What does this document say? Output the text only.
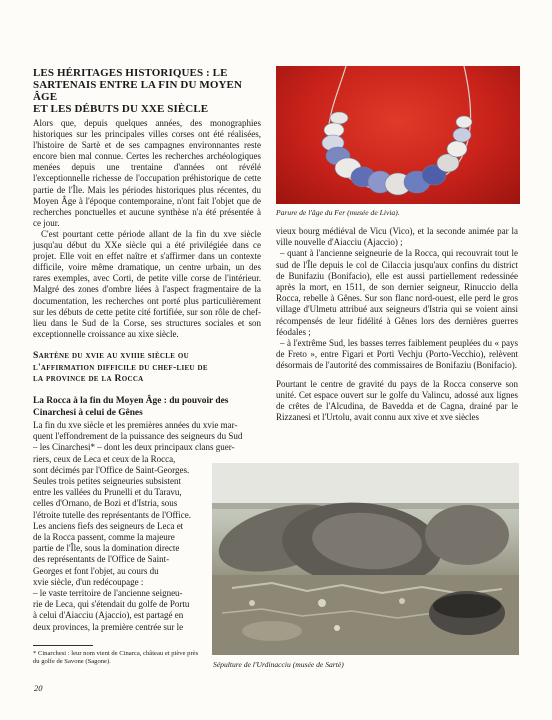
LES HÉRITAGES HISTORIQUES : LE
SARTENAIS ENTRE LA FIN DU MOYEN ÂGE
ET LES DÉBUTS DU XXE SIÈCLE

Alors que, depuis quelques années, des monographies historiques sur les principales villes corses ont été réalisées, l'histoire de Sartè et de ses campagnes environnantes reste encore bien mal connue. Certes les recherches archéologiques menées depuis une trentaine d'années ont révélé l'exceptionnelle richesse de l'occupation préhistorique de cette partie de l'Île. Mais les périodes historiques plus récentes, du Moyen Âge à l'époque contemporaine, n'ont fait l'objet que de recherches ponctuelles et aucune synthèse n'a été présentée à ce jour.

C'est pourtant cette période allant de la fin du xve siècle jusqu'au début du XXe siècle qui a été privilégiée dans ce projet. Elle voit en effet naître et s'affirmer dans un contexte difficile, voire même dramatique, un centre urbain, un des rares exemples, avec Corti, de petite ville corse de l'intérieur. Malgré des zones d'ombre liées à l'aspect fragmentaire de la documentation, les recherches ont porté plus particulièrement sur les débuts de cette petite cité fortifiée, sur son rôle de chef-lieu dans le Sud de la Corse, ses structures sociales et son exceptionnelle croissance au xixe siècle.

Sartène du xvie au xviiie siècle ou
l'affirmation difficile du chef-lieu de
la province de la Rocca
La Rocca à la fin du Moyen Âge : du pouvoir des
Cinarchesi à celui de Gênes
La fin du xve siècle et les premières années du xvie mar-
quent l'effondrement de la puissance des seigneurs du Sud
– les Cinarchesi* – dont les deux principaux clans guer-
riers, ceux de Leca et ceux de la Rocca,
sont décimés par l'Office de Saint-Georges.
Seules trois petites seigneuries subsistent
entre les vallées du Prunelli et du Taravu,
celles d'Ornano, de Bozi et d'Istria, sous
l'étroite tutelle des représentants de l'Office.
Les anciens fiefs des seigneurs de Leca et
de la Rocca passent, comme la majeure
partie de l'Île, sous la domination directe
des représentants de l'Office de Saint-
Georges et font l'objet, au cours du
xvie siècle, d'un redécoupage :
– le vaste territoire de l'ancienne seigneu-
rie de Leca, qui s'étendait du golfe de Portu
à celui d'Aiacciu (Ajaccio), est partagé en
deux provinces, la première centrée sur le
* Cinarchesi : leur nom vient de Cinarca, château et piève près du golfe de Savone (Sagone).
20
Parure de l'âge du Fer (musée de Livia).

vieux bourg médiéval de Vicu (Vico), et la seconde animée par la ville nouvelle d'Aiacciu (Ajaccio) ;

– quant à l'ancienne seigneurie de la Rocca, qui recouvrait tout le sud de l'Île depuis le col de Cilaccia jusqu'aux confins du district de Bunifaziu (Bonifacio), elle est aussi partiellement redessinée après la mort, en 1511, de son dernier seigneur, Rinuccio della Rocca, rebelle à Gênes. Sur son flanc nord-ouest, elle perd le gros village d'Ulmetu attribué aux seigneurs d'Istria qui se voient ainsi récompensés de leur fidélité à Gênes lors des dernières guerres féodales ;

– à l'extrême Sud, les basses terres faiblement peuplées du « pays de Freto », entre Figari et Porti Vechju (Porto-Vecchio), relèvent désormais de l'autorité des commissaires de Bonifaziu (Bonifacio).

Pourtant le centre de gravité du pays de la Rocca conserve son unité. Cet espace ouvert sur le golfe du Valincu, adossé aux lignes de crêtes de l'Alcudina, de Bavedda et de Cagna, drainé par le Rizzanesi et l'Urtolu, avait connu aux xive et xve siècles

Sépulture de l'Urdinacciu (musée de Sartè)
